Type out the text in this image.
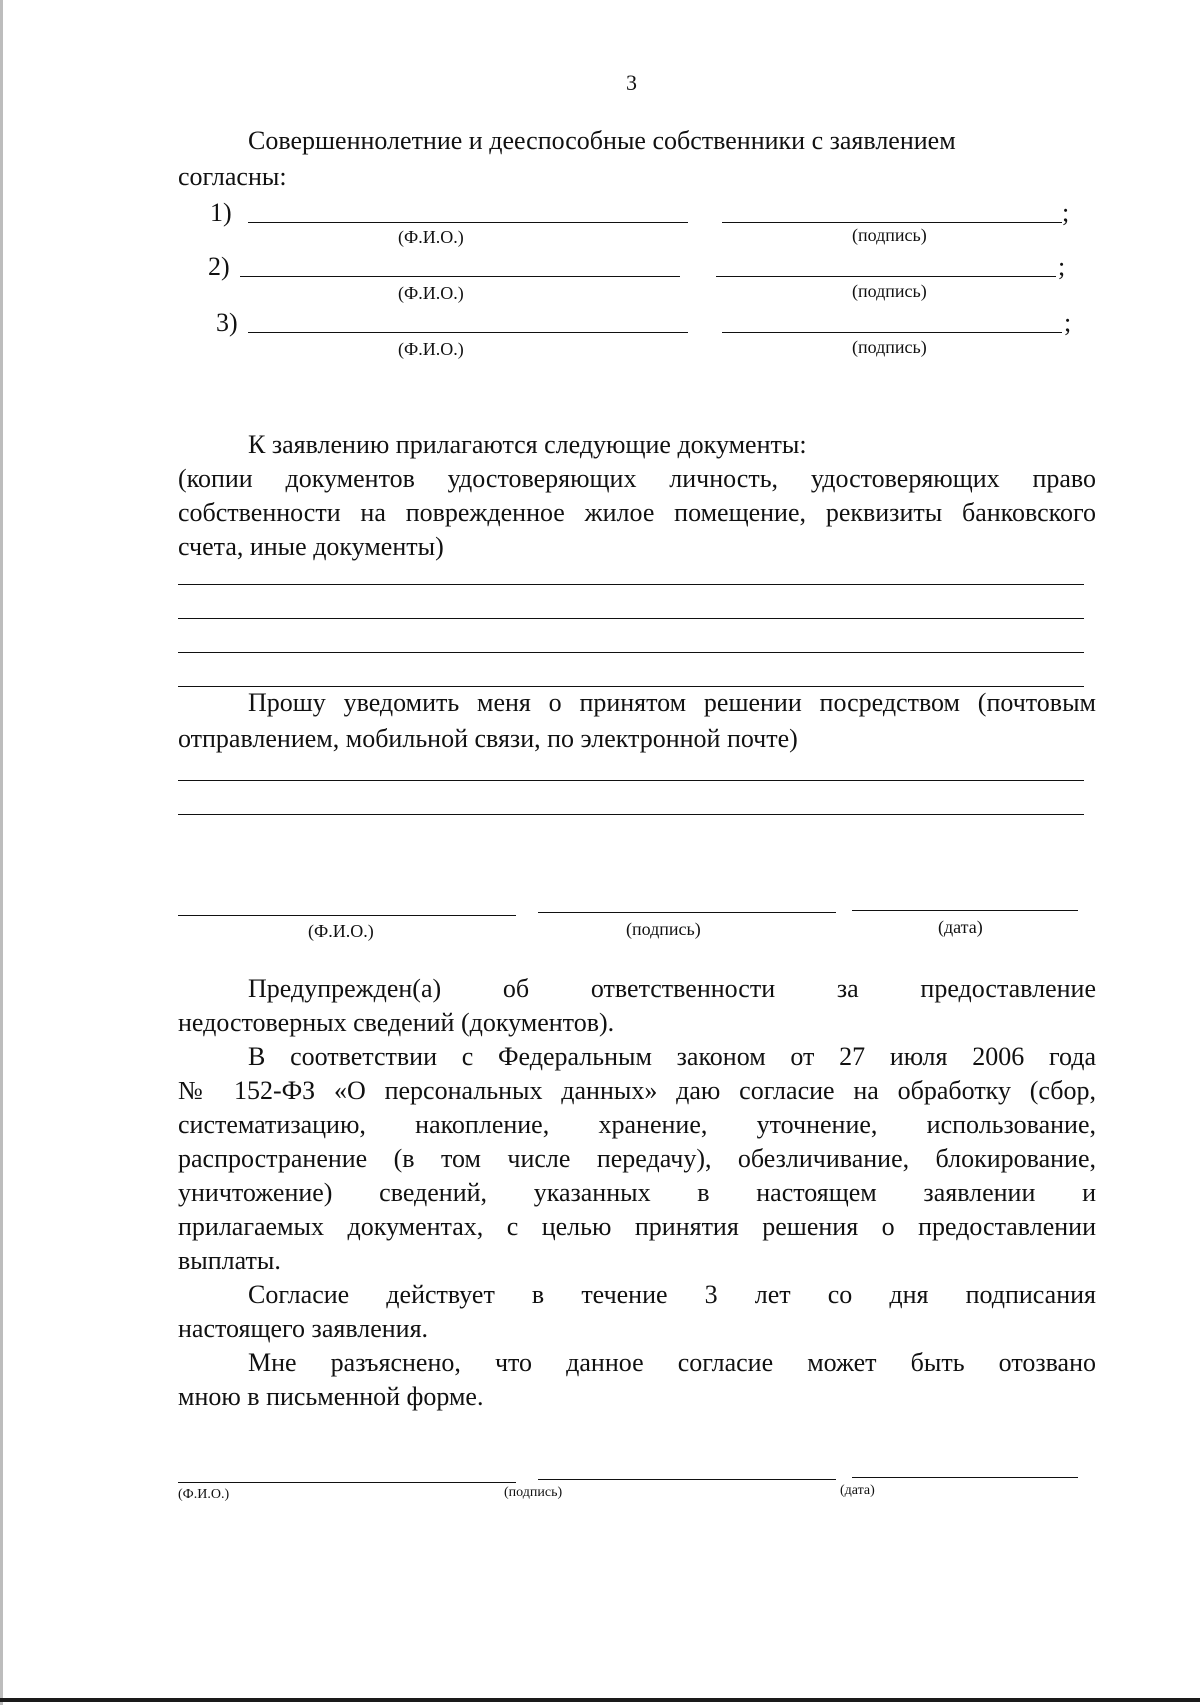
3
Совершеннолетние и дееспособные собственники с заявлением
согласны:
1)	;
(Ф.И.О.)	(подпись)
2)	;
(Ф.И.О.)	(подпись)
3)	;
(Ф.И.О.)	(подпись)
К заявлению прилагаются следующие документы:
(копии документов удостоверяющих личность, удостоверяющих право
собственности на поврежденное жилое помещение, реквизиты банковского
счета, иные документы)
Прошу уведомить меня о принятом решении посредством (почтовым
отправлением, мобильной связи, по электронной почте)
(Ф.И.О.)	(подпись)	(дата)
Предупрежден(а) об ответственности за предоставление
недостоверных сведений (документов).
В соответствии с Федеральным законом от 27 июля 2006 года
№ 152-ФЗ «О персональных данных» даю согласие на обработку (сбор,
систематизацию, накопление, хранение, уточнение, использование,
распространение (в том числе передачу), обезличивание, блокирование,
уничтожение) сведений, указанных в настоящем заявлении и
прилагаемых документах, с целью принятия решения о предоставлении
выплаты.
Согласие действует в течение 3 лет со дня подписания
настоящего заявления.
Мне разъяснено, что данное согласие может быть отозвано
мною в письменной форме.
(Ф.И.О.)	(подпись)	(дата)
